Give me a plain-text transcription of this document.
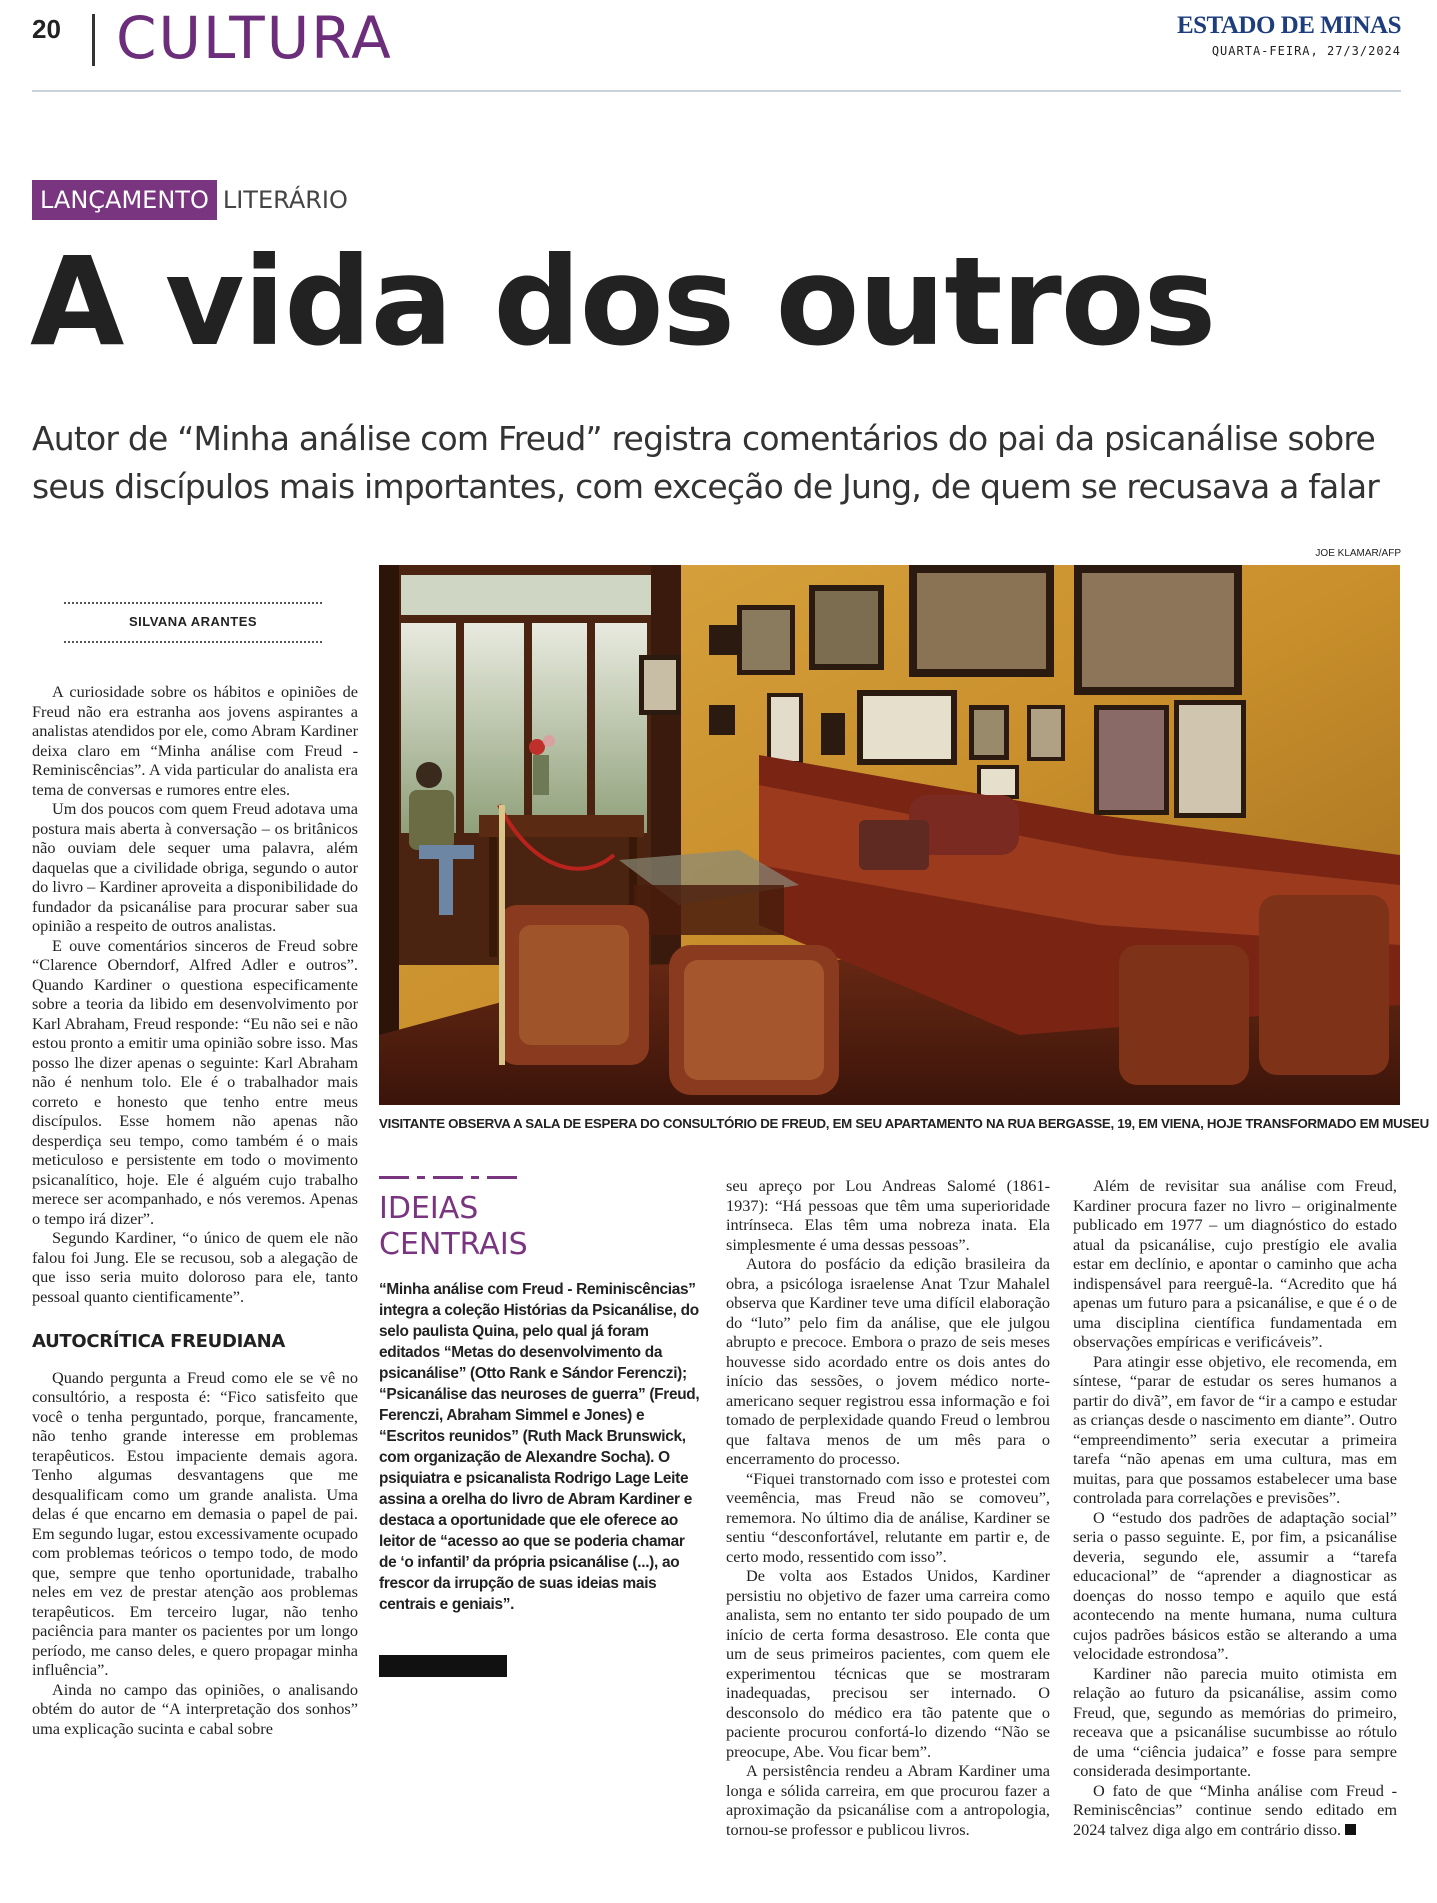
20 CULTURA	ESTADO DE MINAS
QUARTA-FEIRA, 27/3/2024
LANÇAMENTO LITERÁRIO
A vida dos outros

Autor de “Minha análise com Freud” registra comentários do pai da psicanálise sobre seus discípulos mais importantes, com exceção de Jung, de quem se recusava a falar

SILVANA ARANTES
JOE KLAMAR/AFP
VISITANTE OBSERVA A SALA DE ESPERA DO CONSULTÓRIO DE FREUD, EM SEU APARTAMENTO NA RUA BERGASSE, 19, EM VIENA, HOJE TRANSFORMADO EM MUSEU

A curiosidade sobre os hábitos e opiniões de Freud não era estranha aos jovens aspirantes a analistas atendidos por ele, como Abram Kardiner deixa claro em “Minha análise com Freud - Reminiscências”. A vida particular do analista era tema de conversas e rumores entre eles.

Um dos poucos com quem Freud adotava uma postura mais aberta à conversação – os britânicos não ouviam dele sequer uma palavra, além daquelas que a civilidade obriga, segundo o autor do livro – Kardiner aproveita a disponibilidade do fundador da psicanálise para procurar saber sua opinião a respeito de outros analistas.

E ouve comentários sinceros de Freud sobre “Clarence Oberndorf, Alfred Adler e outros”. Quando Kardiner o questiona especificamente sobre a teoria da libido em desenvolvimento por Karl Abraham, Freud responde: “Eu não sei e não estou pronto a emitir uma opinião sobre isso. Mas posso lhe dizer apenas o seguinte: Karl Abraham não é nenhum tolo. Ele é o trabalhador mais correto e honesto que tenho entre meus discípulos. Esse homem não apenas não desperdiça seu tempo, como também é o mais meticuloso e persistente em todo o movimento psicanalítico, hoje. Ele é alguém cujo trabalho merece ser acompanhado, e nós veremos. Apenas o tempo irá dizer”.

Segundo Kardiner, “o único de quem ele não falou foi Jung. Ele se recusou, sob a alegação de que isso seria muito doloroso para ele, tanto pessoal quanto cientificamente”.

AUTOCRÍTICA FREUDIANA

Quando pergunta a Freud como ele se vê no consultório, a resposta é: “Fico satisfeito que você o tenha perguntado, porque, francamente, não tenho grande interesse em problemas terapêuticos. Estou impaciente demais agora. Tenho algumas desvantagens que me desqualificam como um grande analista. Uma delas é que encarno em demasia o papel de pai. Em segundo lugar, estou excessivamente ocupado com problemas teóricos o tempo todo, de modo que, sempre que tenho oportunidade, trabalho neles em vez de prestar atenção aos problemas terapêuticos. Em terceiro lugar, não tenho paciência para manter os pacientes por um longo período, me canso deles, e quero propagar minha influência”.

Ainda no campo das opiniões, o analisando obtém do autor de “A interpretação dos sonhos” uma explicação sucinta e cabal sobre

IDEIAS
CENTRAIS

“Minha análise com Freud - Reminiscências” integra a coleção Histórias da Psicanálise, do selo paulista Quina, pelo qual já foram editados “Metas do desenvolvimento da psicanálise” (Otto Rank e Sándor Ferenczi); “Psicanálise das neuroses de guerra” (Freud, Ferenczi, Abraham Simmel e Jones) e “Escritos reunidos” (Ruth Mack Brunswick, com organização de Alexandre Socha). O psiquiatra e psicanalista Rodrigo Lage Leite assina a orelha do livro de Abram Kardiner e destaca a oportunidade que ele oferece ao leitor de “acesso ao que se poderia chamar de ‘o infantil’ da própria psicanálise (...), ao frescor da irrupção de suas ideias mais centrais e geniais”.

seu apreço por Lou Andreas Salomé (1861-1937): “Há pessoas que têm uma superioridade intrínseca. Elas têm uma nobreza inata. Ela simplesmente é uma dessas pessoas”.

Autora do posfácio da edição brasileira da obra, a psicóloga israelense Anat Tzur Mahalel observa que Kardiner teve uma difícil elaboração do “luto” pelo fim da análise, que ele julgou abrupto e precoce. Embora o prazo de seis meses houvesse sido acordado entre os dois antes do início das sessões, o jovem médico norte-americano sequer registrou essa informação e foi tomado de perplexidade quando Freud o lembrou que faltava menos de um mês para o encerramento do processo.

“Fiquei transtornado com isso e protestei com veemência, mas Freud não se comoveu”, rememora. No último dia de análise, Kardiner se sentiu “desconfortável, relutante em partir e, de certo modo, ressentido com isso”.

De volta aos Estados Unidos, Kardiner persistiu no objetivo de fazer uma carreira como analista, sem no entanto ter sido poupado de um início de certa forma desastroso. Ele conta que um de seus primeiros pacientes, com quem ele experimentou técnicas que se mostraram inadequadas, precisou ser internado. O desconsolo do médico era tão patente que o paciente procurou confortá-lo dizendo “Não se preocupe, Abe. Vou ficar bem”.

A persistência rendeu a Abram Kardiner uma longa e sólida carreira, em que procurou fazer a aproximação da psicanálise com a antropologia, tornou-se professor e publicou livros.

Além de revisitar sua análise com Freud, Kardiner procura fazer no livro – originalmente publicado em 1977 – um diagnóstico do estado atual da psicanálise, cujo prestígio ele avalia estar em declínio, e apontar o caminho que acha indispensável para reerguê-la. “Acredito que há apenas um futuro para a psicanálise, e que é o de uma disciplina científica fundamentada em observações empíricas e verificáveis”.

Para atingir esse objetivo, ele recomenda, em síntese, “parar de estudar os seres humanos a partir do divã”, em favor de “ir a campo e estudar as crianças desde o nascimento em diante”. Outro “empreendimento” seria executar a primeira tarefa “não apenas em uma cultura, mas em muitas, para que possamos estabelecer uma base controlada para correlações e previsões”.

O “estudo dos padrões de adaptação social” seria o passo seguinte. E, por fim, a psicanálise deveria, segundo ele, assumir a “tarefa educacional” de “aprender a diagnosticar as doenças do nosso tempo e aquilo que está acontecendo na mente humana, numa cultura cujos padrões básicos estão se alterando a uma velocidade estrondosa”.

Kardiner não parecia muito otimista em relação ao futuro da psicanálise, assim como Freud, que, segundo as memórias do primeiro, receava que a psicanálise sucumbisse ao rótulo de uma “ciência judaica” e fosse para sempre considerada desimportante.

O fato de que “Minha análise com Freud - Reminiscências” continue sendo editado em 2024 talvez diga algo em contrário disso.
